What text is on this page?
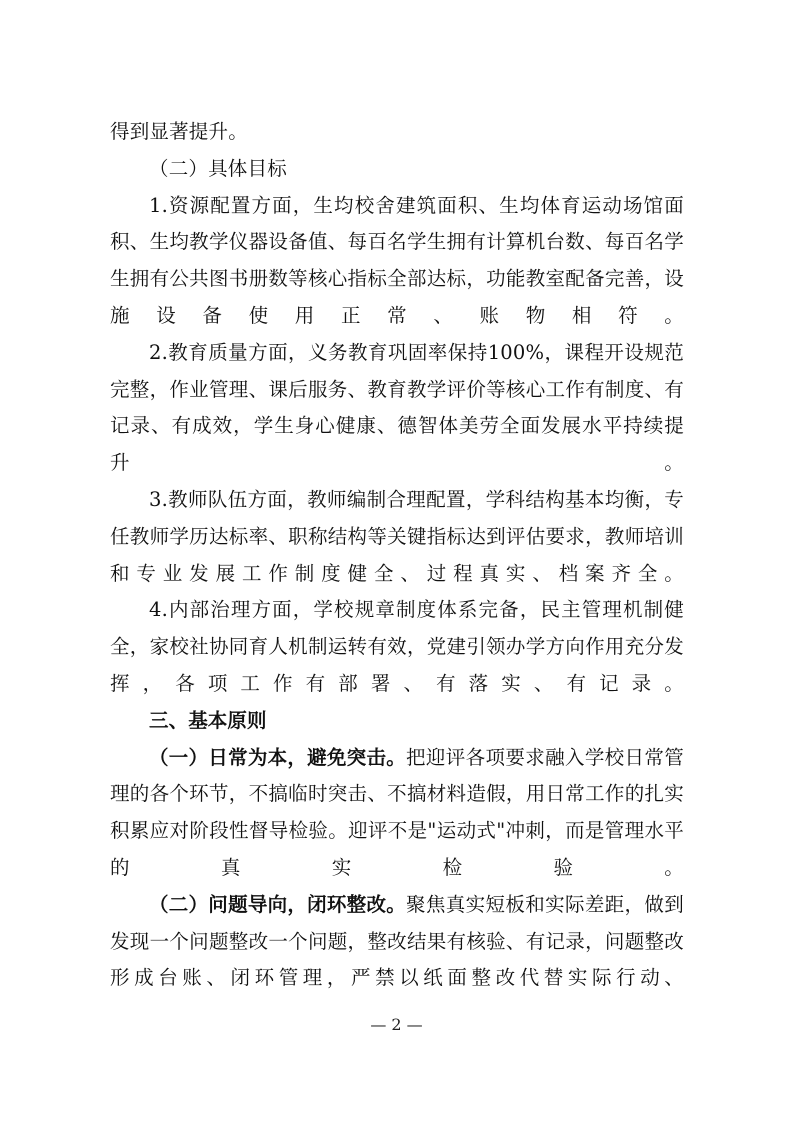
得到显著提升。

（二）具体目标

1.资源配置方面，生均校舍建筑面积、生均体育运动场馆面积、生均教学仪器设备值、每百名学生拥有计算机台数、每百名学生拥有公共图书册数等核心指标全部达标，功能教室配备完善，设施设备使用正常、账物相符。

2.教育质量方面，义务教育巩固率保持100%，课程开设规范完整，作业管理、课后服务、教育教学评价等核心工作有制度、有记录、有成效，学生身心健康、德智体美劳全面发展水平持续提升。

3.教师队伍方面，教师编制合理配置，学科结构基本均衡，专任教师学历达标率、职称结构等关键指标达到评估要求，教师培训和专业发展工作制度健全、过程真实、档案齐全。

4.内部治理方面，学校规章制度体系完备，民主管理机制健全，家校社协同育人机制运转有效，党建引领办学方向作用充分发挥，各项工作有部署、有落实、有记录。

三、基本原则

（一）日常为本，避免突击。把迎评各项要求融入学校日常管理的各个环节，不搞临时突击、不搞材料造假，用日常工作的扎实积累应对阶段性督导检验。迎评不是"运动式"冲刺，而是管理水平的真实检验。

（二）问题导向，闭环整改。聚焦真实短板和实际差距，做到发现一个问题整改一个问题，整改结果有核验、有记录，问题整改形成台账、闭环管理，严禁以纸面整改代替实际行动、

— 2 —
